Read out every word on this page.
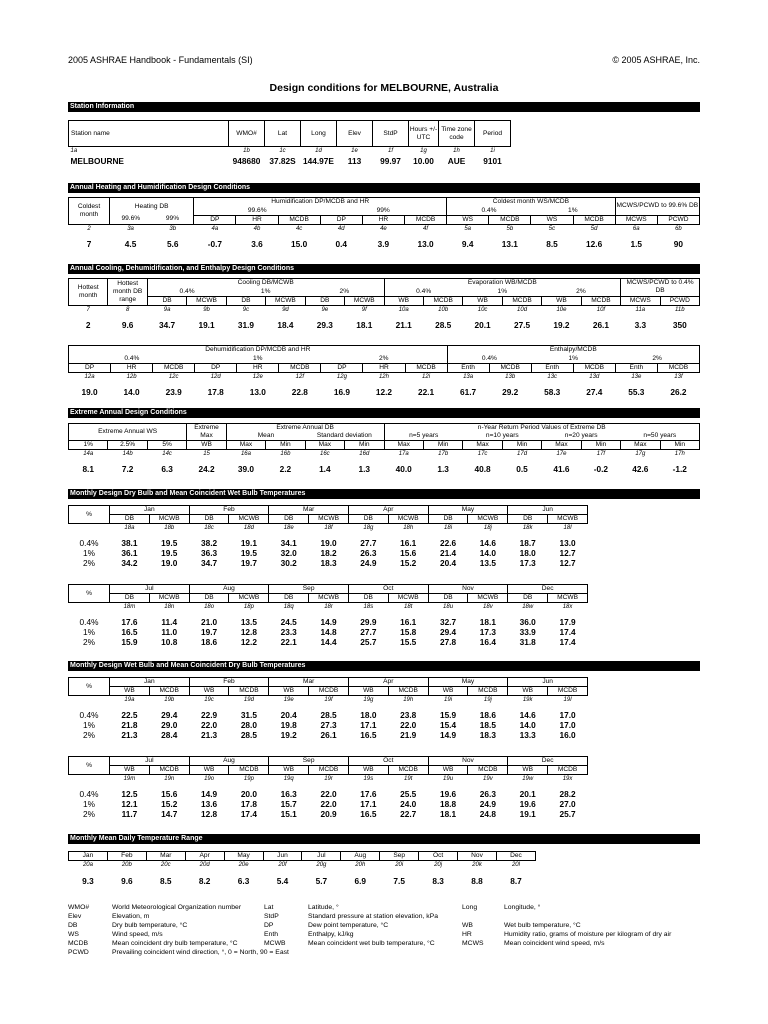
2005 ASHRAE Handbook - Fundamentals (SI)	© 2005 ASHRAE, Inc.
Design conditions for MELBOURNE, Australia
Station Information
Station name	WMO#	Lat	Long	Elev	StdP	Hours +/- UTC	Time zone code	Period
1a	1b	1c	1d	1e	1f	1g	1h	1i
MELBOURNE	948680	37.82S	144.97E	113	99.97	10.00	AUE	9101
Annual Heating and Humidification Design Conditions
Coldest month	Heating DB		Humidification DP/MCDB and HR						Coldest month WS/MCDB				MCWS/PCWD to 99.6% DB	
			99.6%			99%			0.4%		1%			
	99.6%	99%	DP	HR	MCDB	DP	HR	MCDB	WS	MCDB	WS	MCDB	MCWS	PCWD
2	3a	3b	4a	4b	4c	4d	4e	4f	5a	5b	5c	5d	6a	6b
7	4.5	5.6	-0.7	3.6	15.0	0.4	3.9	13.0	9.4	13.1	8.5	12.6	1.5	90
Annual Cooling, Dehumidification, and Enthalpy Design Conditions
Hottest month	Hottest month DB range	Cooling DB/MCWB						Evaporation WB/MCDB						MCWS/PCWD to 0.4% DB	
		0.4%		1%		2%		0.4%		1%		2%			
		DB	MCWB	DB	MCWB	DB	MCWB	WB	MCDB	WB	MCDB	WB	MCDB	MCWS	PCWD
7	8	9a	9b	9c	9d	9e	9f	10a	10b	10c	10d	10e	10f	11a	11b
2	9.6	34.7	19.1	31.9	18.4	29.3	18.1	21.1	28.5	20.1	27.5	19.2	26.1	3.3	350
Dehumidification DP/MCDB and HR									Enthalpy/MCDB					
0.4%			1%			2%			0.4%		1%		2%	
DP	HR	MCDB	DP	HR	MCDB	DP	HR	MCDB	Enth	MCDB	Enth	MCDB	Enth	MCDB
12a	12b	12c	12d	12e	12f	12g	12h	12i	13a	13b	13c	13d	13e	13f
19.0	14.0	23.9	17.8	13.0	22.8	16.9	12.2	22.1	61.7	29.2	58.3	27.4	55.3	26.2
Extreme Annual Design Conditions
Extreme Annual WS			Extreme	Extreme Annual DB				n-Year Return Period Values of Extreme DB							
			Max	Mean		Standard deviation		n=5 years		n=10 years		n=20 years		n=50 years	
1%	2.5%	5%	WB	Max	Min	Max	Min	Max	Min	Max	Min	Max	Min	Max	Min
14a	14b	14c	15	16a	16b	16c	16d	17a	17b	17c	17d	17e	17f	17g	17h
8.1	7.2	6.3	24.2	39.0	2.2	1.4	1.3	40.0	1.3	40.8	0.5	41.6	-0.2	42.6	-1.2
Monthly Design Dry Bulb and Mean Coincident Wet Bulb Temperatures
%	Jan		Feb		Mar		Apr		May		Jun	
	DB	MCWB	DB	MCWB	DB	MCWB	DB	MCWB	DB	MCWB	DB	MCWB
	18a	18b	18c	18d	18e	18f	18g	18h	18i	18j	18k	18l

0.4%	38.1	19.5	38.2	19.1	34.1	19.0	27.7	16.1	22.6	14.6	18.7	13.0
1%	36.1	19.5	36.3	19.5	32.0	18.2	26.3	15.6	21.4	14.0	18.0	12.7
2%	34.2	19.0	34.7	19.7	30.2	18.3	24.9	15.2	20.4	13.5	17.3	12.7
%	Jul		Aug		Sep		Oct		Nov		Dec	
	DB	MCWB	DB	MCWB	DB	MCWB	DB	MCWB	DB	MCWB	DB	MCWB
	18m	18n	18o	18p	18q	18r	18s	18t	18u	18v	18w	18x

0.4%	17.6	11.4	21.0	13.5	24.5	14.9	29.9	16.1	32.7	18.1	36.0	17.9
1%	16.5	11.0	19.7	12.8	23.3	14.8	27.7	15.8	29.4	17.3	33.9	17.4
2%	15.9	10.8	18.6	12.2	22.1	14.4	25.7	15.5	27.8	16.4	31.8	17.4
Monthly Design Wet Bulb and Mean Coincident Dry Bulb Temperatures
%	Jan		Feb		Mar		Apr		May		Jun	
	WB	MCDB	WB	MCDB	WB	MCDB	WB	MCDB	WB	MCDB	WB	MCDB
	19a	19b	19c	19d	19e	19f	19g	19h	19i	19j	19k	19l

0.4%	22.5	29.4	22.9	31.5	20.4	28.5	18.0	23.8	15.9	18.6	14.6	17.0
1%	21.8	29.0	22.0	28.0	19.8	27.3	17.1	22.0	15.4	18.5	14.0	17.0
2%	21.3	28.4	21.3	28.5	19.2	26.1	16.5	21.9	14.9	18.3	13.3	16.0
%	Jul		Aug		Sep		Oct		Nov		Dec	
	WB	MCDB	WB	MCDB	WB	MCDB	WB	MCDB	WB	MCDB	WB	MCDB
	19m	19n	19o	19p	19q	19r	19s	19t	19u	19v	19w	19x

0.4%	12.5	15.6	14.9	20.0	16.3	22.0	17.6	25.5	19.6	26.3	20.1	28.2
1%	12.1	15.2	13.6	17.8	15.7	22.0	17.1	24.0	18.8	24.9	19.6	27.0
2%	11.7	14.7	12.8	17.4	15.1	20.9	16.5	22.7	18.1	24.8	19.1	25.7
Monthly Mean Daily Temperature Range
Jan	Feb	Mar	Apr	May	Jun	Jul	Aug	Sep	Oct	Nov	Dec
20a	20b	20c	20d	20e	20f	20g	20h	20i	20j	20k	20l
9.3	9.6	8.5	8.2	6.3	5.4	5.7	6.9	7.5	8.3	8.8	8.7
WMO#	World Meteorological Organization number	Lat	Latitude, °	Long	Longitude, °
Elev	Elevation, m	StdP	Standard pressure at station elevation, kPa
DB	Dry bulb temperature, °C	DP	Dew point temperature, °C	WB	Wet bulb temperature, °C
WS	Wind speed, m/s	Enth	Enthalpy, kJ/kg	HR	Humidity ratio, grams of moisture per kilogram of dry air
MCDB	Mean coincident dry bulb temperature, °C	MCWB	Mean coincident wet bulb temperature, °C	MCWS	Mean coincident wind speed, m/s
PCWD	Prevailing coincident wind direction, °, 0 = North, 90 = East
